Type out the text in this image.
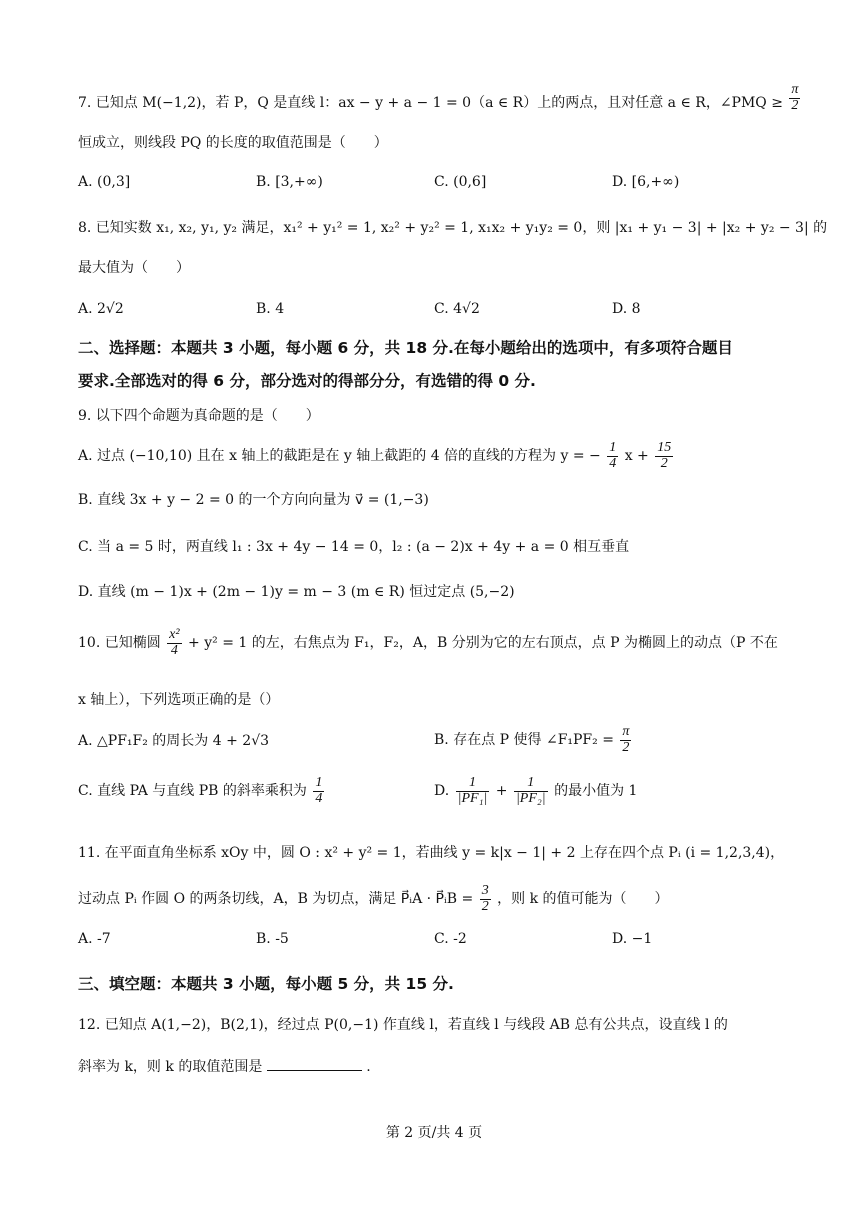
7. 已知点 M(−1,2)，若 P，Q 是直线 l：ax − y + a − 1 = 0（a ∈ R）上的两点，且对任意 a ∈ R，∠PMQ ≥ $\frac{\pi}{2}$
恒成立，则线段 PQ 的长度的取值范围是（　　）
A. (0,3]	B. [3,+∞)	C. (0,6]	D. [6,+∞)
8. 已知实数 x₁, x₂, y₁, y₂ 满足，x₁² + y₁² = 1, x₂² + y₂² = 1, x₁x₂ + y₁y₂ = 0，则 |x₁ + y₁ − 3| + |x₂ + y₂ − 3| 的
最大值为（　　）
A. 2√2	B. 4	C. 4√2	D. 8
二、选择题：本题共 3 小题，每小题 6 分，共 18 分.在每小题给出的选项中，有多项符合题目
要求.全部选对的得 6 分，部分选对的得部分分，有选错的得 0 分.
9. 以下四个命题为真命题的是（　　）
A. 过点 (−10,10) 且在 x 轴上的截距是在 y 轴上截距的 4 倍的直线的方程为 y = − $\frac{1}{4}$ $x + \frac{15}{2}$
B. 直线 3x + y − 2 = 0 的一个方向向量为 v⃗ = (1,−3)
C. 当 a = 5 时，两直线 l₁ : 3x + 4y − 14 = 0，l₂ : (a − 2)x + 4y + a = 0 相互垂直
D. 直线 (m − 1)x + (2m − 1)y = m − 3 (m ∈ R) 恒过定点 (5,−2)
10. 已知椭圆 $\frac{\text{x²}}{4} + y^2 = 1$ 的左，右焦点为 F₁，F₂，A，B 分别为它的左右顶点，点 P 为椭圆上的动点（P 不在
x 轴上），下列选项正确的是（）
A. △PF₁F₂ 的周长为 4 + 2√3	B. 存在点 P 使得 ∠F₁PF₂ = $\frac{\pi}{2}$
C. 直线 PA 与直线 PB 的斜率乘积为 $\frac{1}{4}$	D. $\frac{1}{\text{|PF₁|}} + \frac{1}{\text{|PF₂|}}$ 的最小值为 1
11. 在平面直角坐标系 xOy 中，圆 O : x² + y² = 1，若曲线 y = k|x − 1| + 2 上存在四个点 Pᵢ (i = 1,2,3,4)，
过动点 Pᵢ 作圆 O 的两条切线，A，B 为切点，满足 P⃗ᵢA · P⃗ᵢB = $\frac{3}{2}$ ，则 k 的值可能为（　　）
A. -7	B. -5	C. -2	D. −1
三、填空题：本题共 3 小题，每小题 5 分，共 15 分.
12. 已知点 A(1,−2)，B(2,1)，经过点 P(0,−1) 作直线 l，若直线 l 与线段 AB 总有公共点，设直线 l 的
斜率为 k，则 k 的取值范围是	.
第 2 页/共 4 页
